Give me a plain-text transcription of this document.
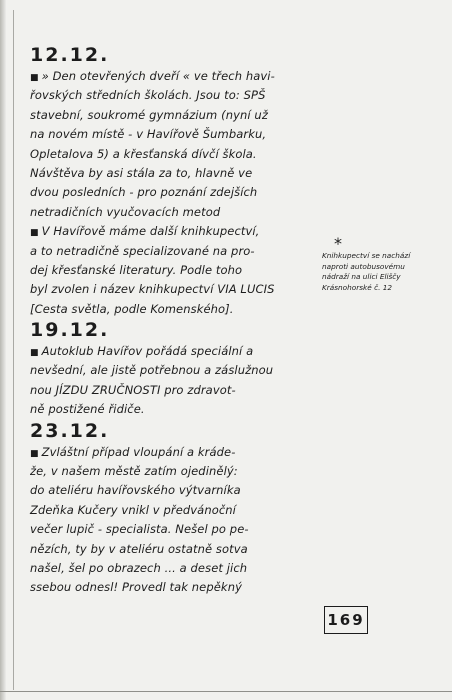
12.12.
■ » Den otevřených dveří « ve třech havi-
řovských středních školách. Jsou to: SPŠ
stavební, soukromé gymnázium (nyní už
na novém místě - v Havířově Šumbarku,
Opletalova 5) a křesťanská dívčí škola.
Návštěva by asi stála za to, hlavně ve
dvou posledních - pro poznání zdejších
netradičních vyučovacích metod
■ V Havířově máme další knihkupectví,
a to netradičně specializované na pro-
dej křesťanské literatury. Podle toho
byl zvolen i název knihkupectví VIA LUCIS
[Cesta světla, podle Komenského].
19.12.
■ Autoklub Havířov pořádá speciální a
nevšední, ale jistě potřebnou a záslužnou
nou JÍZDU ZRUČNOSTI pro zdravot-
ně postižené řidiče.
23.12.
■ Zvláštní případ vloupání a kráde-
že, v našem městě zatím ojedinělý:
do ateliéru havířovského výtvarníka
Zdeňka Kučery vnikl v předvánoční
večer lupič - specialista. Nešel po pe-
nězích, ty by v ateliéru ostatně sotva
našel, šel po obrazech ... a deset jich
ssebou odnesl! Provedl tak nepěkný
*
Knihkupectví se nachází
naproti autobusovému
nádraží na ulici Eliščy
Krásnohorské č. 12
169
